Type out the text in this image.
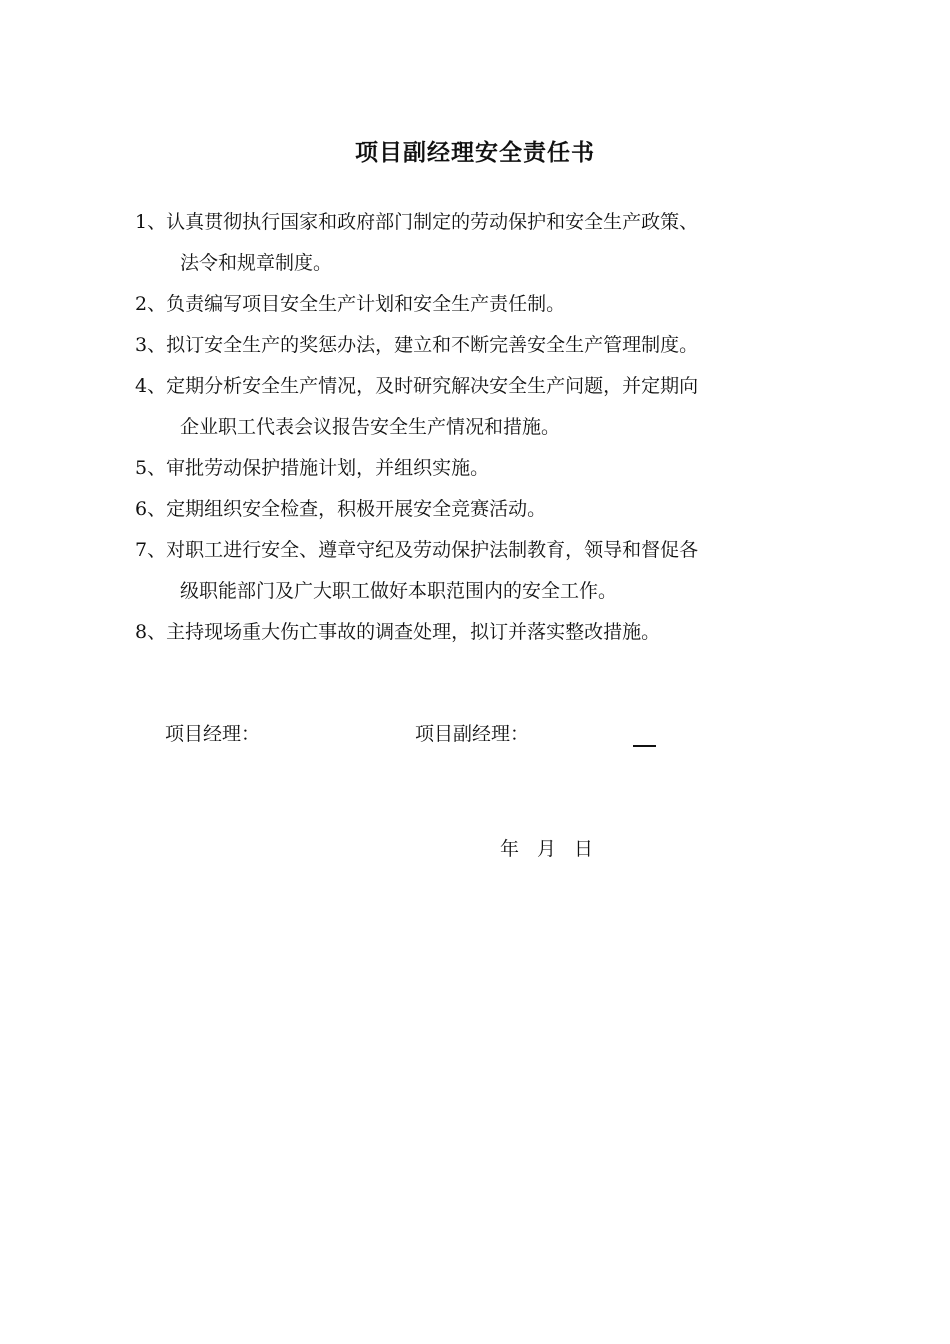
项目副经理安全责任书
1、认真贯彻执行国家和政府部门制定的劳动保护和安全生产政策、
法令和规章制度。
2、负责编写项目安全生产计划和安全生产责任制。
3、拟订安全生产的奖惩办法，建立和不断完善安全生产管理制度。
4、定期分析安全生产情况，及时研究解决安全生产问题，并定期向
企业职工代表会议报告安全生产情况和措施。
5、审批劳动保护措施计划，并组织实施。
6、定期组织安全检查，积极开展安全竞赛活动。
7、对职工进行安全、遵章守纪及劳动保护法制教育，领导和督促各
级职能部门及广大职工做好本职范围内的安全工作。
8、主持现场重大伤亡事故的调查处理，拟订并落实整改措施。
项目经理：	项目副经理：
年 月 日
